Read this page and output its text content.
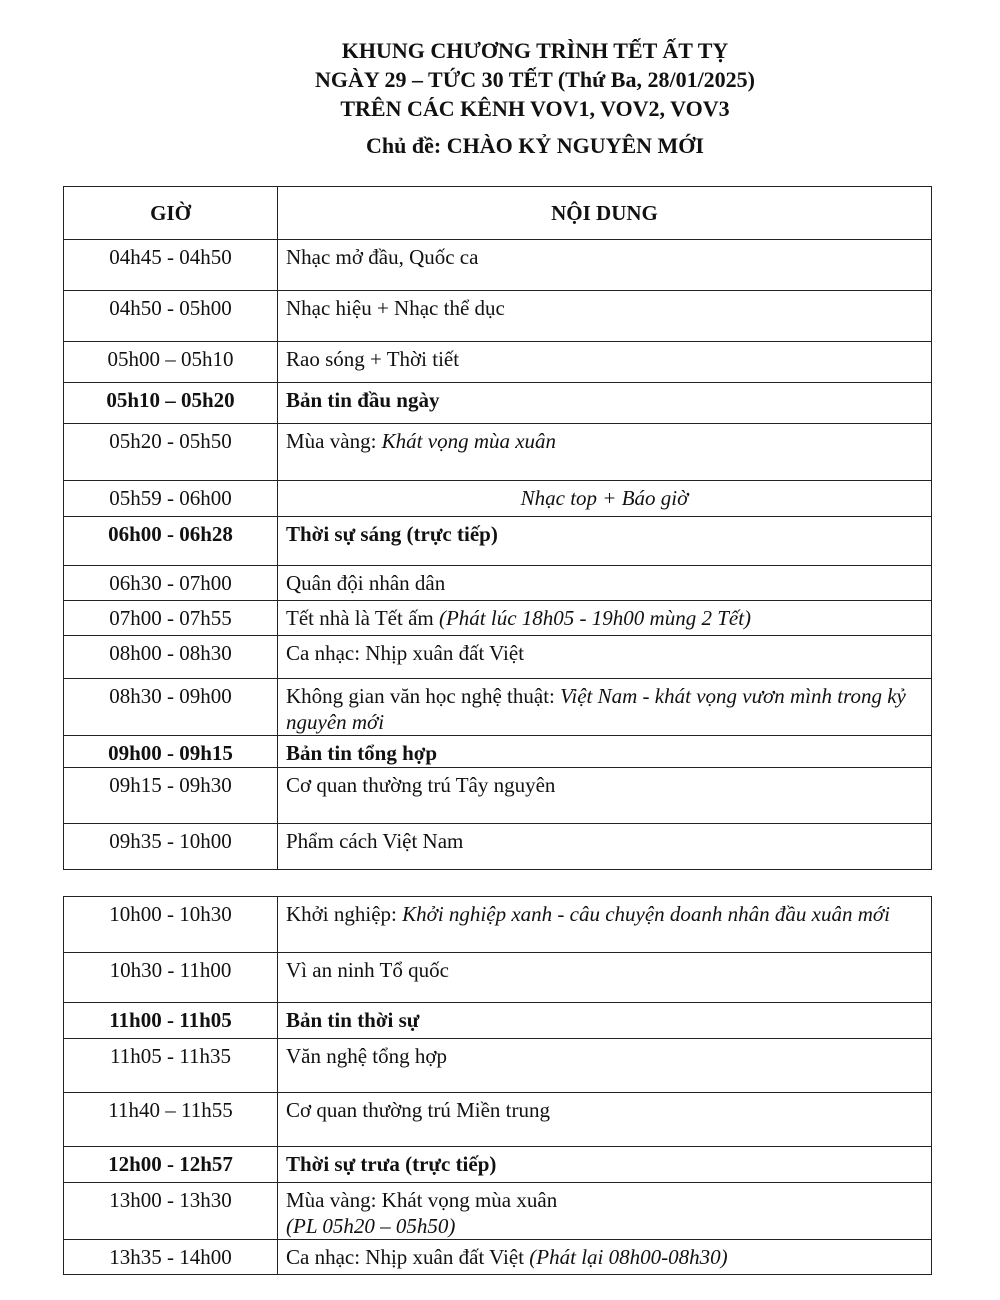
KHUNG CHƯƠNG TRÌNH TẾT ẤT TỴ
NGÀY 29 – TỨC 30 TẾT (Thứ Ba, 28/01/2025)
TRÊN CÁC KÊNH VOV1, VOV2, VOV3
Chủ đề: CHÀO KỶ NGUYÊN MỚI
GIỜ	NỘI DUNG
04h45 - 04h50	Nhạc mở đầu, Quốc ca
04h50 - 05h00	Nhạc hiệu + Nhạc thể dục
05h00 – 05h10	Rao sóng + Thời tiết
05h10 – 05h20	Bản tin đầu ngày
05h20 - 05h50	Mùa vàng: Khát vọng mùa xuân
05h59 - 06h00	Nhạc top + Báo giờ
06h00 - 06h28	Thời sự sáng (trực tiếp)
06h30 - 07h00	Quân đội nhân dân
07h00 - 07h55	Tết nhà là Tết ấm (Phát lúc 18h05 - 19h00 mùng 2 Tết)
08h00 - 08h30	Ca nhạc: Nhịp xuân đất Việt
08h30 - 09h00	Không gian văn học nghệ thuật: Việt Nam - khát vọng vươn mình trong kỷ nguyên mới
09h00 - 09h15	Bản tin tổng hợp
09h15 - 09h30	Cơ quan thường trú Tây nguyên
09h35 - 10h00	Phẩm cách Việt Nam
10h00 - 10h30	Khởi nghiệp: Khởi nghiệp xanh - câu chuyện doanh nhân đầu xuân mới
10h30 - 11h00	Vì an ninh Tổ quốc
11h00 - 11h05	Bản tin thời sự
11h05 - 11h35	Văn nghệ tổng hợp
11h40 – 11h55	Cơ quan thường trú Miền trung
12h00 - 12h57	Thời sự trưa (trực tiếp)
13h00 - 13h30	Mùa vàng: Khát vọng mùa xuân
(PL 05h20 – 05h50)
13h35 - 14h00	Ca nhạc: Nhịp xuân đất Việt (Phát lại 08h00-08h30)
